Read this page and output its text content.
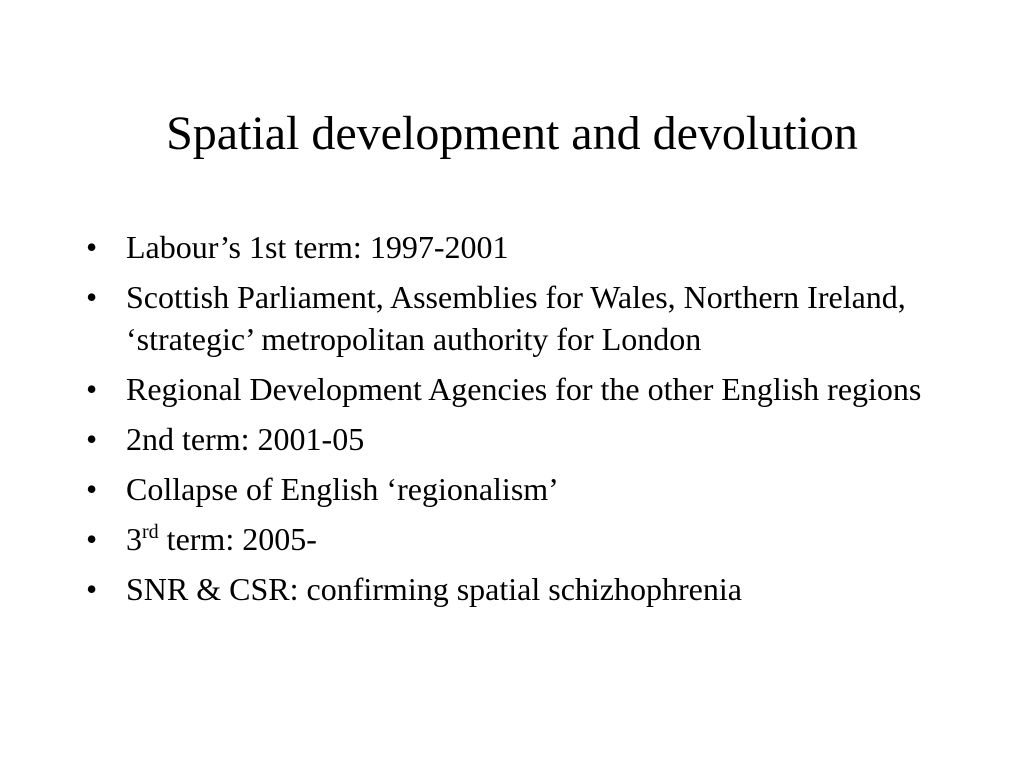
Spatial development and devolution
• Labour’s 1st term: 1997-2001
• Scottish Parliament, Assemblies for Wales, Northern Ireland, ‘strategic’ metropolitan authority for London
• Regional Development Agencies for the other English regions
• 2nd term: 2001-05
• Collapse of English ‘regionalism’
• 3rd term: 2005-
• SNR & CSR: confirming spatial schizhophrenia
